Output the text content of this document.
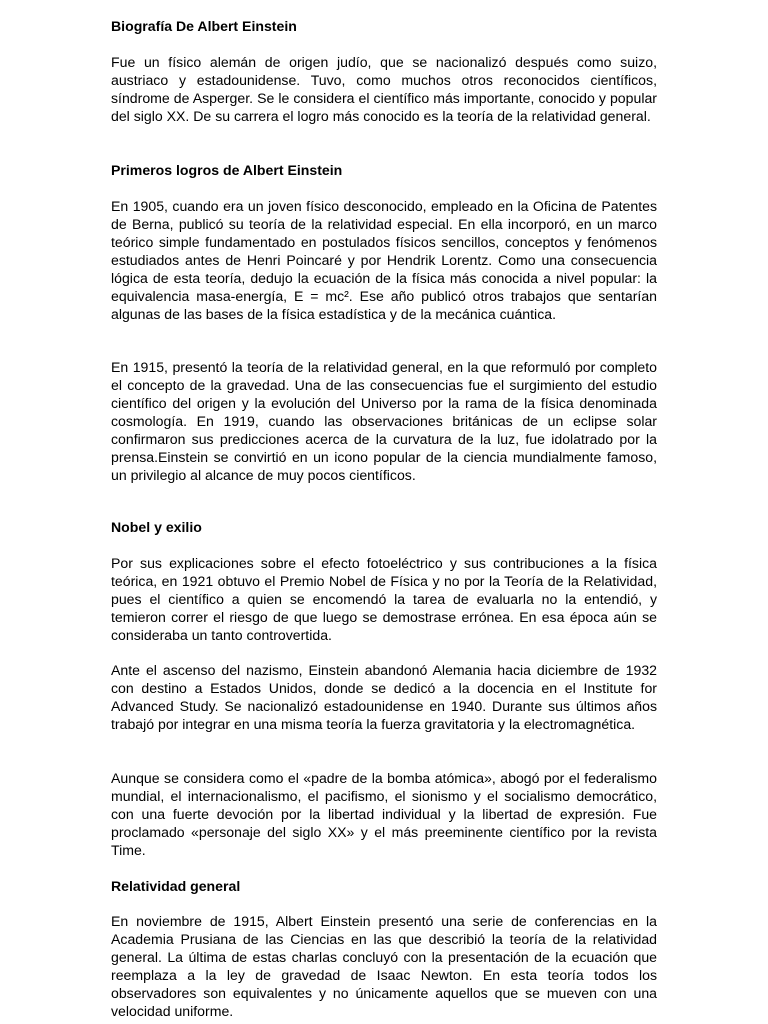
Biografía De Albert Einstein

Fue un físico alemán de origen judío, que se nacionalizó después como suizo, austriaco y estadounidense. Tuvo, como muchos otros reconocidos científicos, síndrome de Asperger. Se le considera el científico más importante, conocido y popular del siglo XX. De su carrera el logro más conocido es la teoría de la relatividad general.

Primeros logros de Albert Einstein

En 1905, cuando era un joven físico desconocido, empleado en la Oficina de Patentes de Berna, publicó su teoría de la relatividad especial. En ella incorporó, en un marco teórico simple fundamentado en postulados físicos sencillos, conceptos y fenómenos estudiados antes de Henri Poincaré y por Hendrik Lorentz. Como una consecuencia lógica de esta teoría, dedujo la ecuación de la física más conocida a nivel popular: la equivalencia masa-energía, E = mc². Ese año publicó otros trabajos que sentarían algunas de las bases de la física estadística y de la mecánica cuántica.

En 1915, presentó la teoría de la relatividad general, en la que reformuló por completo el concepto de la gravedad. Una de las consecuencias fue el surgimiento del estudio científico del origen y la evolución del Universo por la rama de la física denominada cosmología. En 1919, cuando las observaciones británicas de un eclipse solar confirmaron sus predicciones acerca de la curvatura de la luz, fue idolatrado por la prensa.Einstein se convirtió en un icono popular de la ciencia mundialmente famoso, un privilegio al alcance de muy pocos científicos.

Nobel y exilio

Por sus explicaciones sobre el efecto fotoeléctrico y sus contribuciones a la física teórica, en 1921 obtuvo el Premio Nobel de Física y no por la Teoría de la Relatividad, pues el científico a quien se encomendó la tarea de evaluarla no la entendió, y temieron correr el riesgo de que luego se demostrase errónea. En esa época aún se consideraba un tanto controvertida.

Ante el ascenso del nazismo, Einstein abandonó Alemania hacia diciembre de 1932 con destino a Estados Unidos, donde se dedicó a la docencia en el Institute for Advanced Study. Se nacionalizó estadounidense en 1940. Durante sus últimos años trabajó por integrar en una misma teoría la fuerza gravitatoria y la electromagnética.

Aunque se considera como el «padre de la bomba atómica», abogó por el federalismo mundial, el internacionalismo, el pacifismo, el sionismo y el socialismo democrático, con una fuerte devoción por la libertad individual y la libertad de expresión. Fue proclamado «personaje del siglo XX» y el más preeminente científico por la revista Time.

Relatividad general

En noviembre de 1915, Albert Einstein presentó una serie de conferencias en la Academia Prusiana de las Ciencias en las que describió la teoría de la relatividad general. La última de estas charlas concluyó con la presentación de la ecuación que reemplaza a la ley de gravedad de Isaac Newton. En esta teoría todos los observadores son equivalentes y no únicamente aquellos que se mueven con una velocidad uniforme.
